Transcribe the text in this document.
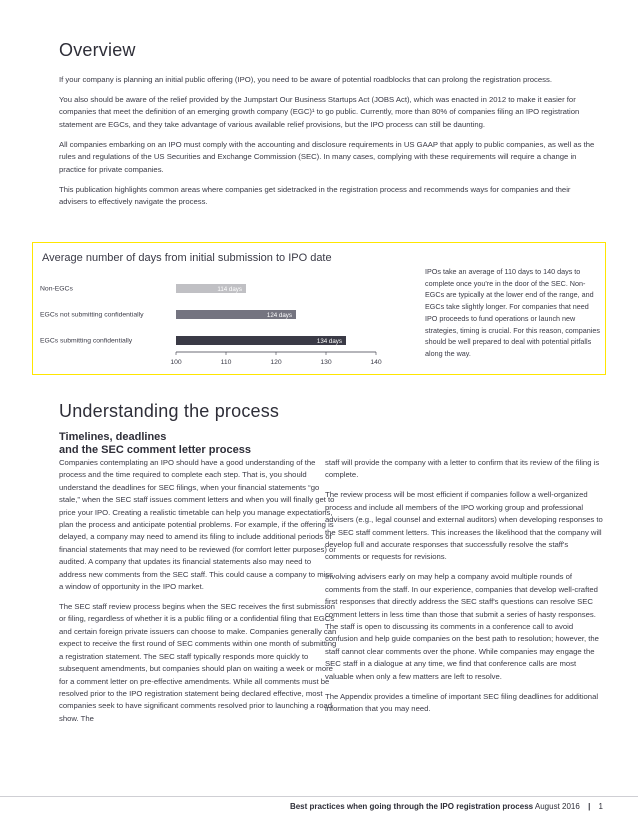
Overview

If your company is planning an initial public offering (IPO), you need to be aware of potential roadblocks that can prolong the registration process.

You also should be aware of the relief provided by the Jumpstart Our Business Startups Act (JOBS Act), which was enacted in 2012 to make it easier for companies that meet the definition of an emerging growth company (EGC)¹ to go public. Currently, more than 80% of companies filing an IPO registration statement are EGCs, and they take advantage of various available relief provisions, but the IPO process can still be daunting.

All companies embarking on an IPO must comply with the accounting and disclosure requirements in US GAAP that apply to public companies, as well as the rules and regulations of the US Securities and Exchange Commission (SEC). In many cases, complying with these requirements will require a change in practice for private companies.

This publication highlights common areas where companies get sidetracked in the registration process and recommends ways for companies and their advisers to effectively navigate the process.

Average number of days from initial submission to IPO date
Non-EGCs	114 days
EGCs not submitting confidentially	124 days
EGCs submitting confidentially	134 days
100	110	120	130	140

IPOs take an average of 110 days to 140 days to complete once you're in the door of the SEC. Non-EGCs are typically at the lower end of the range, and EGCs take slightly longer. For companies that need IPO proceeds to fund operations or launch new strategies, timing is crucial. For this reason, companies should be well prepared to deal with potential pitfalls along the way.

Understanding the process
Timelines, deadlines
and the SEC comment letter process

Companies contemplating an IPO should have a good understanding of the process and the time required to complete each step. That is, you should understand the deadlines for SEC filings, when your financial statements “go stale,” when the SEC staff issues comment letters and when you will finally get to price your IPO. Creating a realistic timetable can help you manage expectations, plan the process and anticipate potential problems. For example, if the offering is delayed, a company may need to amend its filing to include additional periods of financial statements that may need to be reviewed (for comfort letter purposes) or audited. A company that updates its financial statements also may need to address new comments from the SEC staff. This could cause a company to miss a window of opportunity in the IPO market.

The SEC staff review process begins when the SEC receives the first submission or filing, regardless of whether it is a public filing or a confidential filing that EGCs and certain foreign private issuers can choose to make. Companies generally can expect to receive the first round of SEC comments within one month of submitting a registration statement. The SEC staff typically responds more quickly to subsequent amendments, but companies should plan on waiting a week or more for a comment letter on pre-effective amendments. While all comments must be resolved prior to the IPO registration statement being declared effective, most companies seek to have significant comments resolved prior to launching a road show. The

staff will provide the company with a letter to confirm that its review of the filing is complete.

The review process will be most efficient if companies follow a well-organized process and include all members of the IPO working group and professional advisers (e.g., legal counsel and external auditors) when developing responses to the SEC staff comment letters. This increases the likelihood that the company will develop full and accurate responses that successfully resolve the staff's comments or requests for revisions.

Involving advisers early on may help a company avoid multiple rounds of comments from the staff. In our experience, companies that develop well-crafted first responses that directly address the SEC staff's questions can resolve SEC comment letters in less time than those that submit a series of hasty responses. The staff is open to discussing its comments in a conference call to avoid confusion and help guide companies on the best path to resolution; however, the staff cannot clear comments over the phone. While companies may engage the SEC staff in a dialogue at any time, we find that conference calls are most valuable when only a few matters are left to resolve.

The Appendix provides a timeline of important SEC filing deadlines for additional information that you may need.

Best practices when going through the IPO registration process August 2016 | 1
